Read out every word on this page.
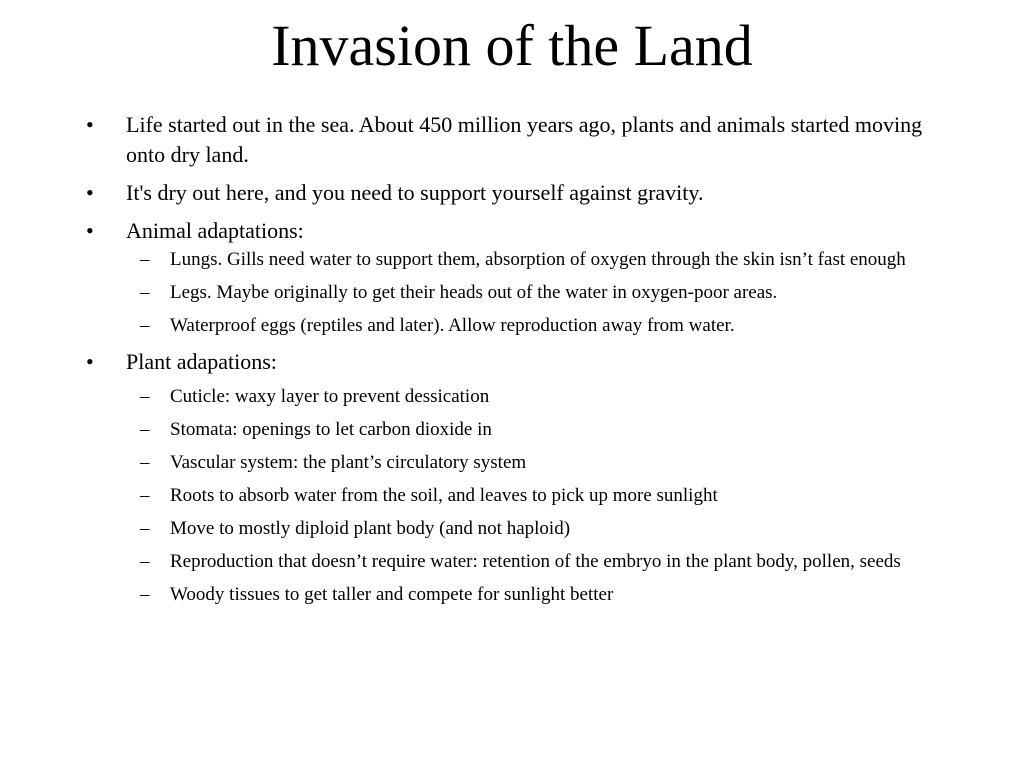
Invasion of the Land
• Life started out in the sea. About 450 million years ago, plants and animals started moving onto dry land.
• It's dry out here, and you need to support yourself against gravity.
• Animal adaptations:
– Lungs. Gills need water to support them, absorption of oxygen through the skin isn’t fast enough
– Legs. Maybe originally to get their heads out of the water in oxygen-poor areas.
– Waterproof eggs (reptiles and later). Allow reproduction away from water.
• Plant adapations:
– Cuticle: waxy layer to prevent dessication
– Stomata: openings to let carbon dioxide in
– Vascular system: the plant’s circulatory system
– Roots to absorb water from the soil, and leaves to pick up more sunlight
– Move to mostly diploid plant body (and not haploid)
– Reproduction that doesn’t require water: retention of the embryo in the plant body, pollen, seeds
– Woody tissues to get taller and compete for sunlight better
